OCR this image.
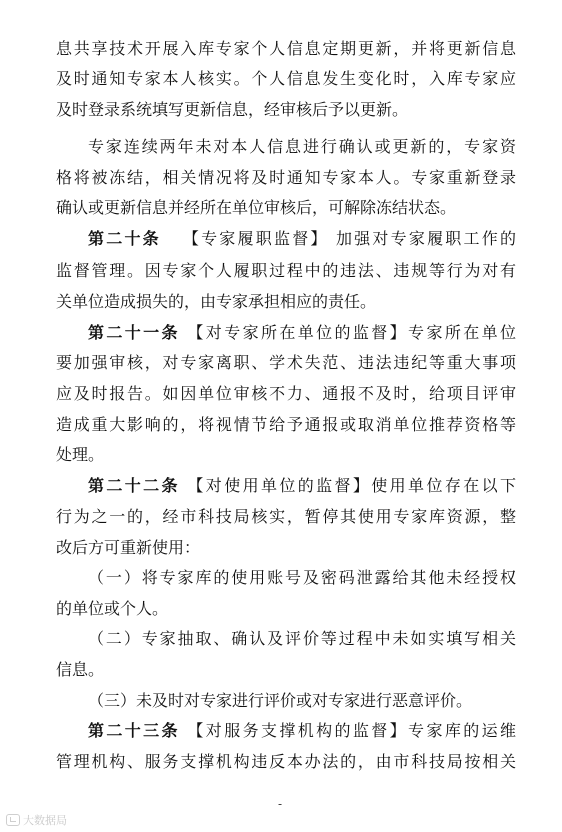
息共享技术开展入库专家个人信息定期更新，并将更新信息
及时通知专家本人核实。个人信息发生变化时，入库专家应
及时登录系统填写更新信息，经审核后予以更新。
专家连续两年未对本人信息进行确认或更新的，专家资
格将被冻结，相关情况将及时通知专家本人。专家重新登录
确认或更新信息并经所在单位审核后，可解除冻结状态。
第二十条 【专家履职监督】 加强对专家履职工作的
监督管理。因专家个人履职过程中的违法、违规等行为对有
关单位造成损失的，由专家承担相应的责任。
第二十一条 【对专家所在单位的监督】专家所在单位
要加强审核，对专家离职、学术失范、违法违纪等重大事项
应及时报告。如因单位审核不力、通报不及时，给项目评审
造成重大影响的，将视情节给予通报或取消单位推荐资格等
处理。
第二十二条 【对使用单位的监督】使用单位存在以下
行为之一的，经市科技局核实，暂停其使用专家库资源，整
改后方可重新使用：
（一）将专家库的使用账号及密码泄露给其他未经授权
的单位或个人。
（二）专家抽取、确认及评价等过程中未如实填写相关
信息。
（三）未及时对专家进行评价或对专家进行恶意评价。
第二十三条 【对服务支撑机构的监督】专家库的运维
管理机构、服务支撑机构违反本办法的，由市科技局按相关
-
大数据局
